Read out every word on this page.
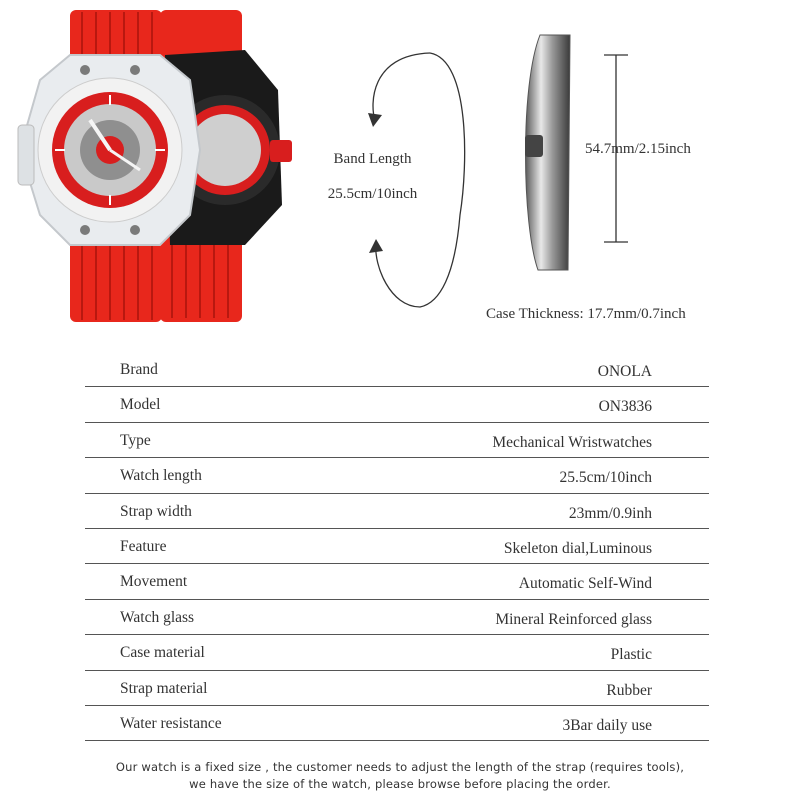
Band Length
25.5cm/10inch
54.7mm/2.15inch
Case Thickness: 17.7mm/0.7inch
Brand	ONOLA
Model	ON3836
Type	Mechanical Wristwatches
Watch length	25.5cm/10inch
Strap width	23mm/0.9inh
Feature	Skeleton dial,Luminous
Movement	Automatic Self-Wind
Watch glass	Mineral Reinforced glass
Case material	Plastic
Strap material	Rubber
Water resistance	3Bar daily use
Our watch is a fixed size , the customer needs to adjust the length of the strap (requires tools),
we have the size of the watch, please browse before placing the order.
